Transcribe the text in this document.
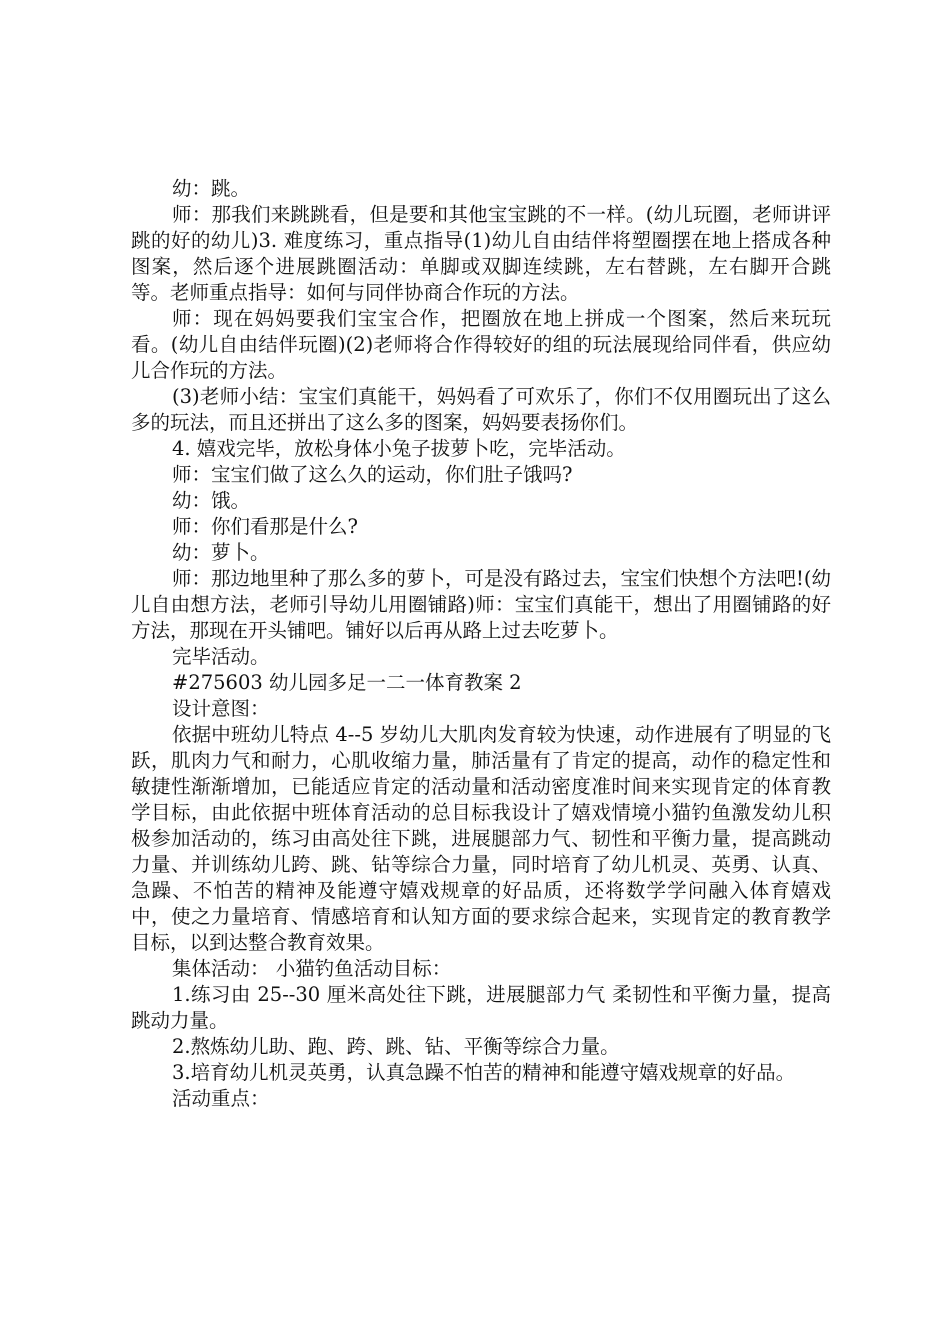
幼：跳。

师：那我们来跳跳看，但是要和其他宝宝跳的不一样。(幼儿玩圈，老师讲评跳的好的幼儿)3. 难度练习，重点指导(1)幼儿自由结伴将塑圈摆在地上搭成各种图案，然后逐个进展跳圈活动：单脚或双脚连续跳，左右替跳，左右脚开合跳等。老师重点指导：如何与同伴协商合作玩的方法。

师：现在妈妈要我们宝宝合作，把圈放在地上拼成一个图案，然后来玩玩看。(幼儿自由结伴玩圈)(2)老师将合作得较好的组的玩法展现给同伴看，供应幼儿合作玩的方法。

(3)老师小结：宝宝们真能干，妈妈看了可欢乐了，你们不仅用圈玩出了这么多的玩法，而且还拼出了这么多的图案，妈妈要表扬你们。

4. 嬉戏完毕，放松身体小兔子拔萝卜吃，完毕活动。

师：宝宝们做了这么久的运动，你们肚子饿吗?

幼：饿。

师：你们看那是什么?

幼：萝卜。

师：那边地里种了那么多的萝卜，可是没有路过去，宝宝们快想个方法吧!(幼儿自由想方法，老师引导幼儿用圈铺路)师：宝宝们真能干，想出了用圈铺路的好方法，那现在开头铺吧。铺好以后再从路上过去吃萝卜。

完毕活动。

#275603 幼儿园多足一二一体育教案 2

设计意图：

依据中班幼儿特点 4--5 岁幼儿大肌肉发育较为快速，动作进展有了明显的飞跃，肌肉力气和耐力，心肌收缩力量，肺活量有了肯定的提高，动作的稳定性和敏捷性渐渐增加，已能适应肯定的活动量和活动密度准时间来实现肯定的体育教学目标，由此依据中班体育活动的总目标我设计了嬉戏情境小猫钓鱼激发幼儿积极参加活动的，练习由高处往下跳，进展腿部力气、韧性和平衡力量，提高跳动力量、并训练幼儿跨、跳、钻等综合力量，同时培育了幼儿机灵、英勇、认真、急躁、不怕苦的精神及能遵守嬉戏规章的好品质，还将数学学问融入体育嬉戏中，使之力量培育、情感培育和认知方面的要求综合起来，实现肯定的教育教学目标，以到达整合教育效果。

集体活动： 小猫钓鱼活动目标：

1.练习由 25--30 厘米高处往下跳，进展腿部力气 柔韧性和平衡力量，提高跳动力量。

2.熬炼幼儿助、跑、跨、跳、钻、平衡等综合力量。

3.培育幼儿机灵英勇，认真急躁不怕苦的精神和能遵守嬉戏规章的好品。

活动重点：
